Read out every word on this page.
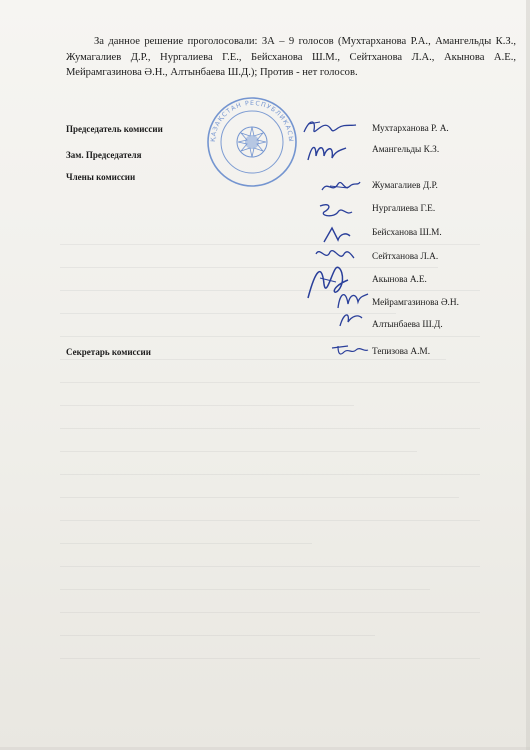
За данное решение проголосовали: ЗА – 9 голосов (Мухтарханова Р.А., Амангельды К.З., Жумагалиев Д.Р., Нургалиева Г.Е., Бейсханова Ш.М., Сейтханова Л.А., Акынова А.Е., Мейрамгазинова Ә.Н., Алтынбаева Ш.Д.); Против - нет голосов.

Председатель комиссии
Зам. Председателя
Члены комиссии
Секретарь комиссии
Мухтарханова Р. А.
Амангельды К.З.
Жумагалиев Д.Р.
Нургалиева Г.Е.
Бейсханова Ш.М.
Сейтханова Л.А.
Акынова А.Е.
Мейрамгазинова Ә.Н.
Алтынбаева Ш.Д.
Тепизова А.М.
ҚАЗАҚСТАН РЕСПУБЛИКАСЫ
